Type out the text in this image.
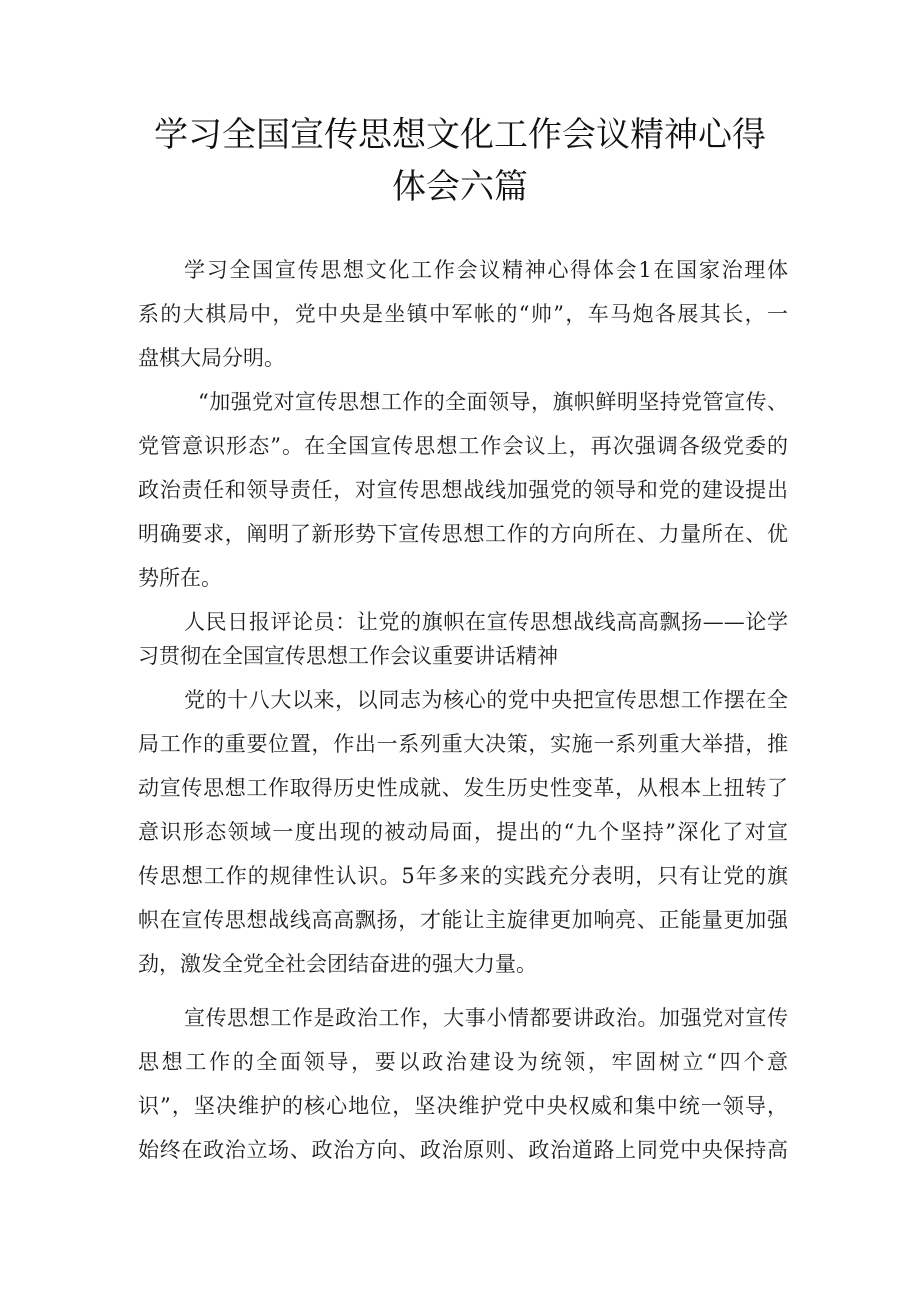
学习全国宣传思想文化工作会议精神心得
体会六篇
学习全国宣传思想文化工作会议精神心得体会1在国家治理体
系的大棋局中，党中央是坐镇中军帐的“帅”，车马炮各展其长，一
盘棋大局分明。
“加强党对宣传思想工作的全面领导，旗帜鲜明坚持党管宣传、
党管意识形态”。在全国宣传思想工作会议上，再次强调各级党委的
政治责任和领导责任，对宣传思想战线加强党的领导和党的建设提出
明确要求，阐明了新形势下宣传思想工作的方向所在、力量所在、优
势所在。
人民日报评论员：让党的旗帜在宣传思想战线高高飘扬——论学
习贯彻在全国宣传思想工作会议重要讲话精神
党的十八大以来，以同志为核心的党中央把宣传思想工作摆在全
局工作的重要位置，作出一系列重大决策，实施一系列重大举措，推
动宣传思想工作取得历史性成就、发生历史性变革，从根本上扭转了
意识形态领域一度出现的被动局面，提出的“九个坚持”深化了对宣
传思想工作的规律性认识。5年多来的实践充分表明，只有让党的旗
帜在宣传思想战线高高飘扬，才能让主旋律更加响亮、正能量更加强
劲，激发全党全社会团结奋进的强大力量。
宣传思想工作是政治工作，大事小情都要讲政治。加强党对宣传
思想工作的全面领导，要以政治建设为统领，牢固树立“四个意
识”，坚决维护的核心地位，坚决维护党中央权威和集中统一领导，
始终在政治立场、政治方向、政治原则、政治道路上同党中央保持高
